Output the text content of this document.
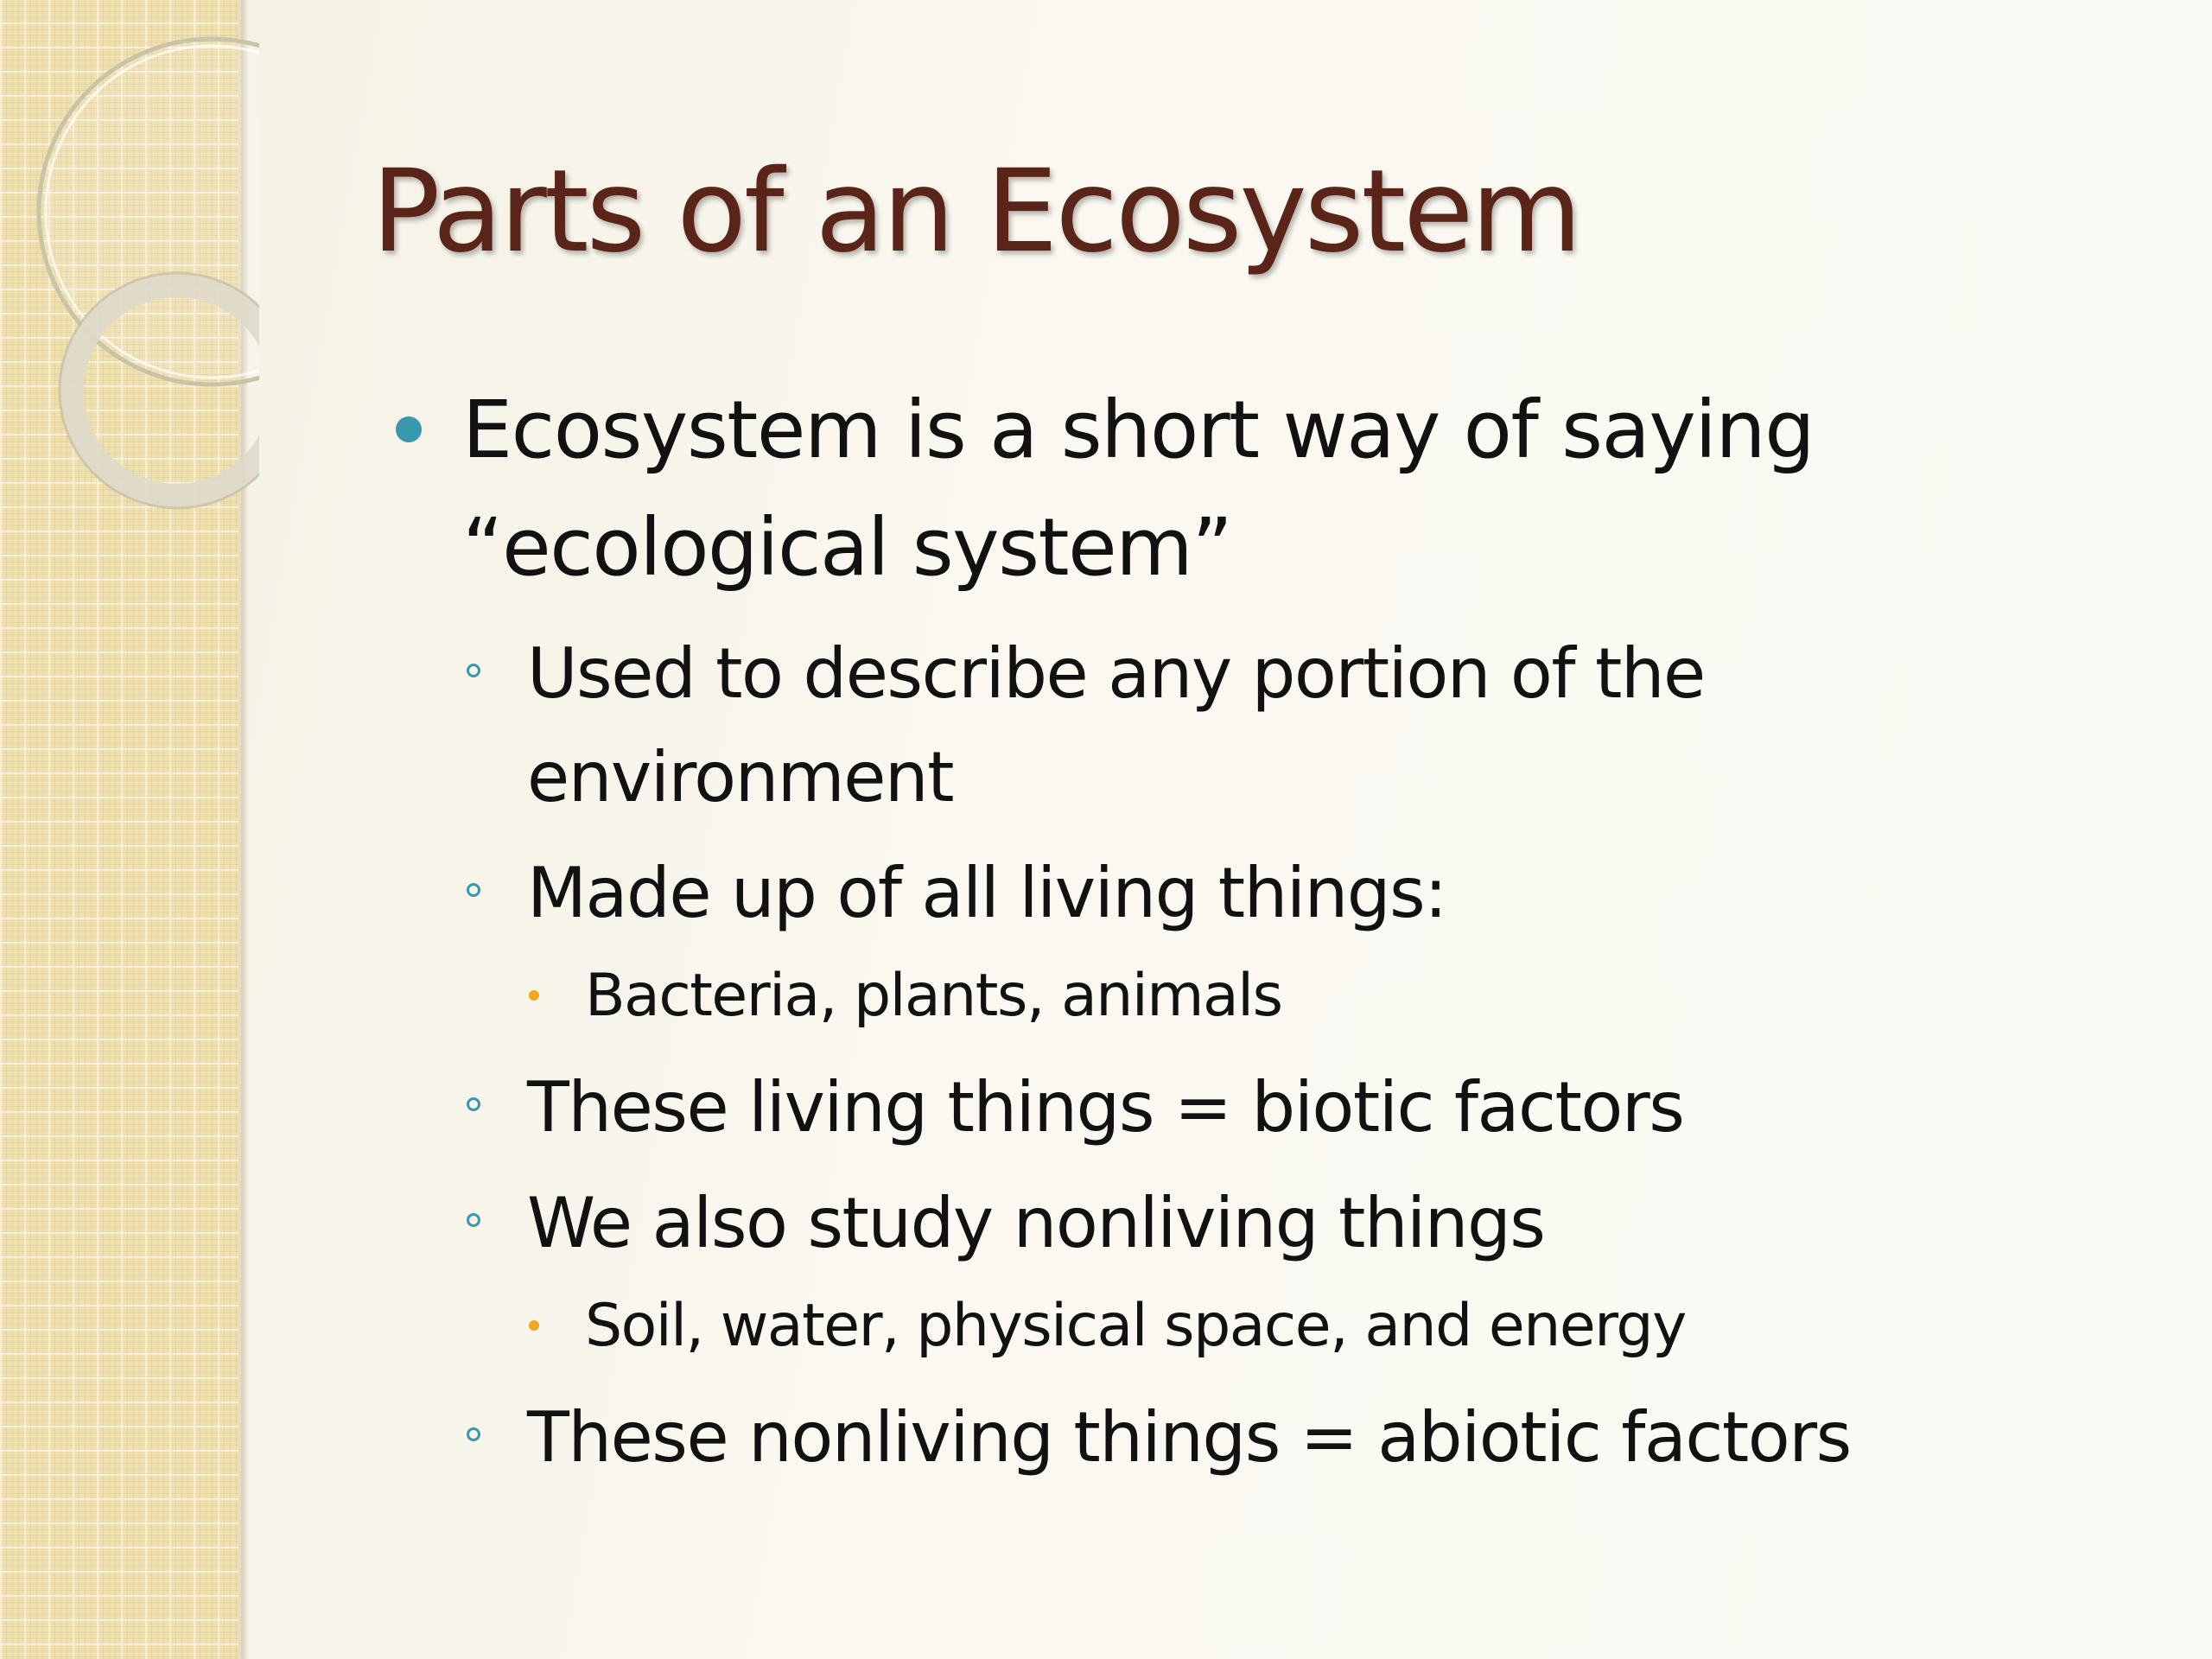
Parts of an Ecosystem
Ecosystem is a short way of saying “ecological system”
Used to describe any portion of the environment
Made up of all living things:
Bacteria, plants, animals
These living things = biotic factors
We also study nonliving things
Soil, water, physical space, and energy
These nonliving things = abiotic factors
